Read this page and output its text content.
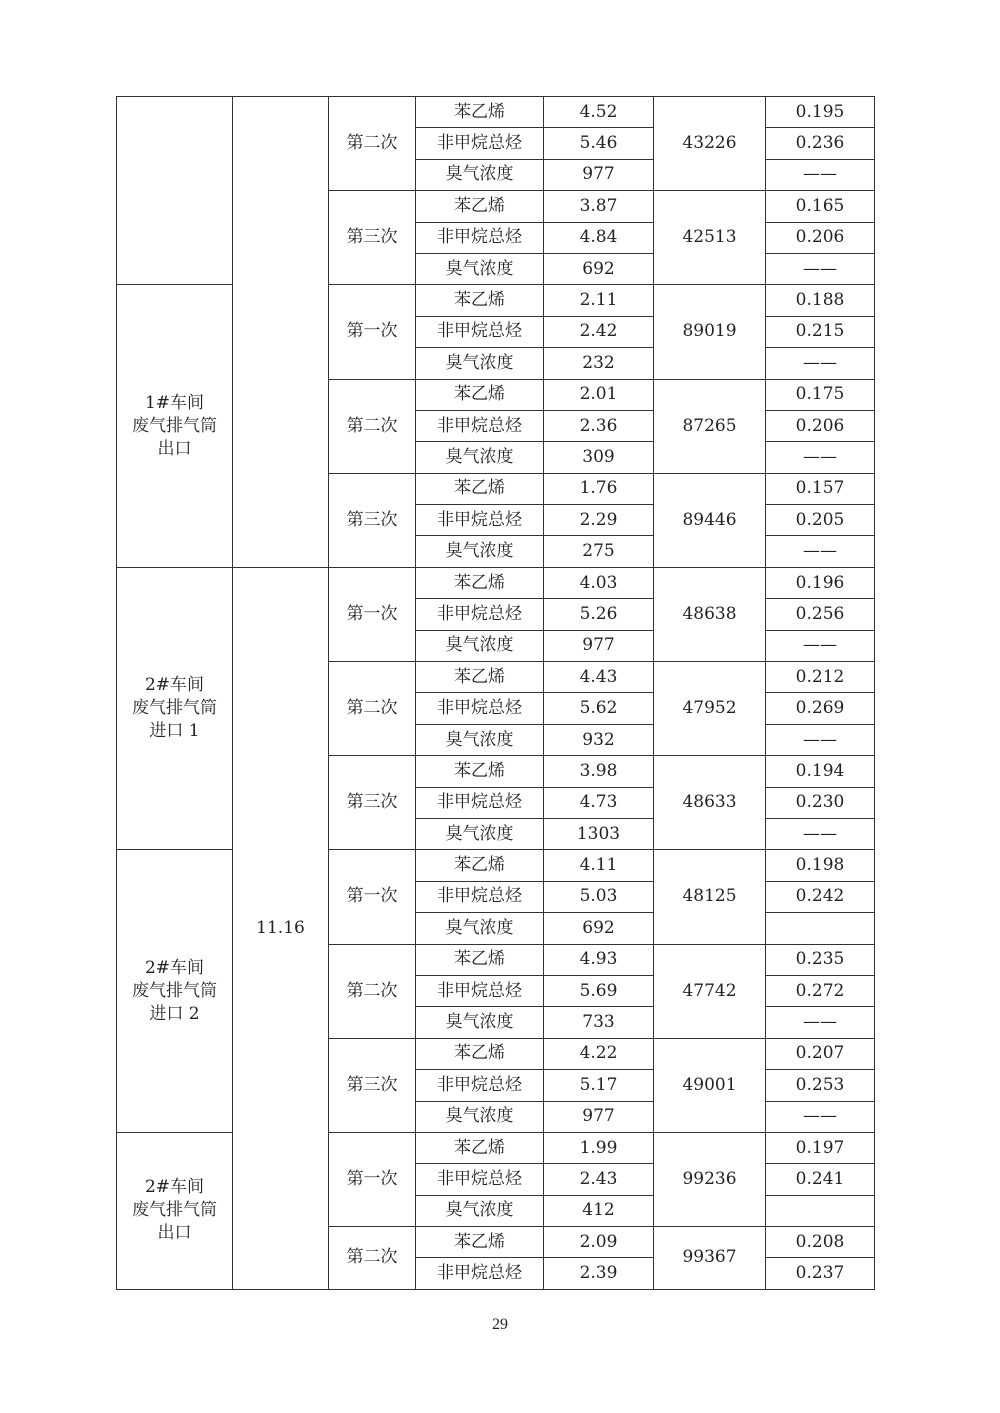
		第二次	苯乙烯	4.52	43226	0.195
			非甲烷总烃	5.46		0.236
			臭气浓度	977		——
		第三次	苯乙烯	3.87	42513	0.165
			非甲烷总烃	4.84		0.206
			臭气浓度	692		——

1#车间
废气排气筒
出口		第一次	苯乙烯	2.11	89019	0.188
			非甲烷总烃	2.42		0.215
			臭气浓度	232		——
		第二次	苯乙烯	2.01	87265	0.175
			非甲烷总烃	2.36		0.206
			臭气浓度	309		——
		第三次	苯乙烯	1.76	89446	0.157
			非甲烷总烃	2.29		0.205
			臭气浓度	275		——

2#车间
废气排气筒
进口 1	11.16	第一次	苯乙烯	4.03	48638	0.196
			非甲烷总烃	5.26		0.256
			臭气浓度	977		——
		第二次	苯乙烯	4.43	47952	0.212
			非甲烷总烃	5.62		0.269
			臭气浓度	932		——
		第三次	苯乙烯	3.98	48633	0.194
			非甲烷总烃	4.73		0.230
			臭气浓度	1303		——

2#车间
废气排气筒
进口 2		第一次	苯乙烯	4.11	48125	0.198
			非甲烷总烃	5.03		0.242
			臭气浓度	692		
		第二次	苯乙烯	4.93	47742	0.235
			非甲烷总烃	5.69		0.272
			臭气浓度	733		——
		第三次	苯乙烯	4.22	49001	0.207
			非甲烷总烃	5.17		0.253
			臭气浓度	977		——

2#车间
废气排气筒
出口		第一次	苯乙烯	1.99	99236	0.197
			非甲烷总烃	2.43		0.241
			臭气浓度	412		
		第二次	苯乙烯	2.09	99367	0.208
			非甲烷总烃	2.39		0.237
29
